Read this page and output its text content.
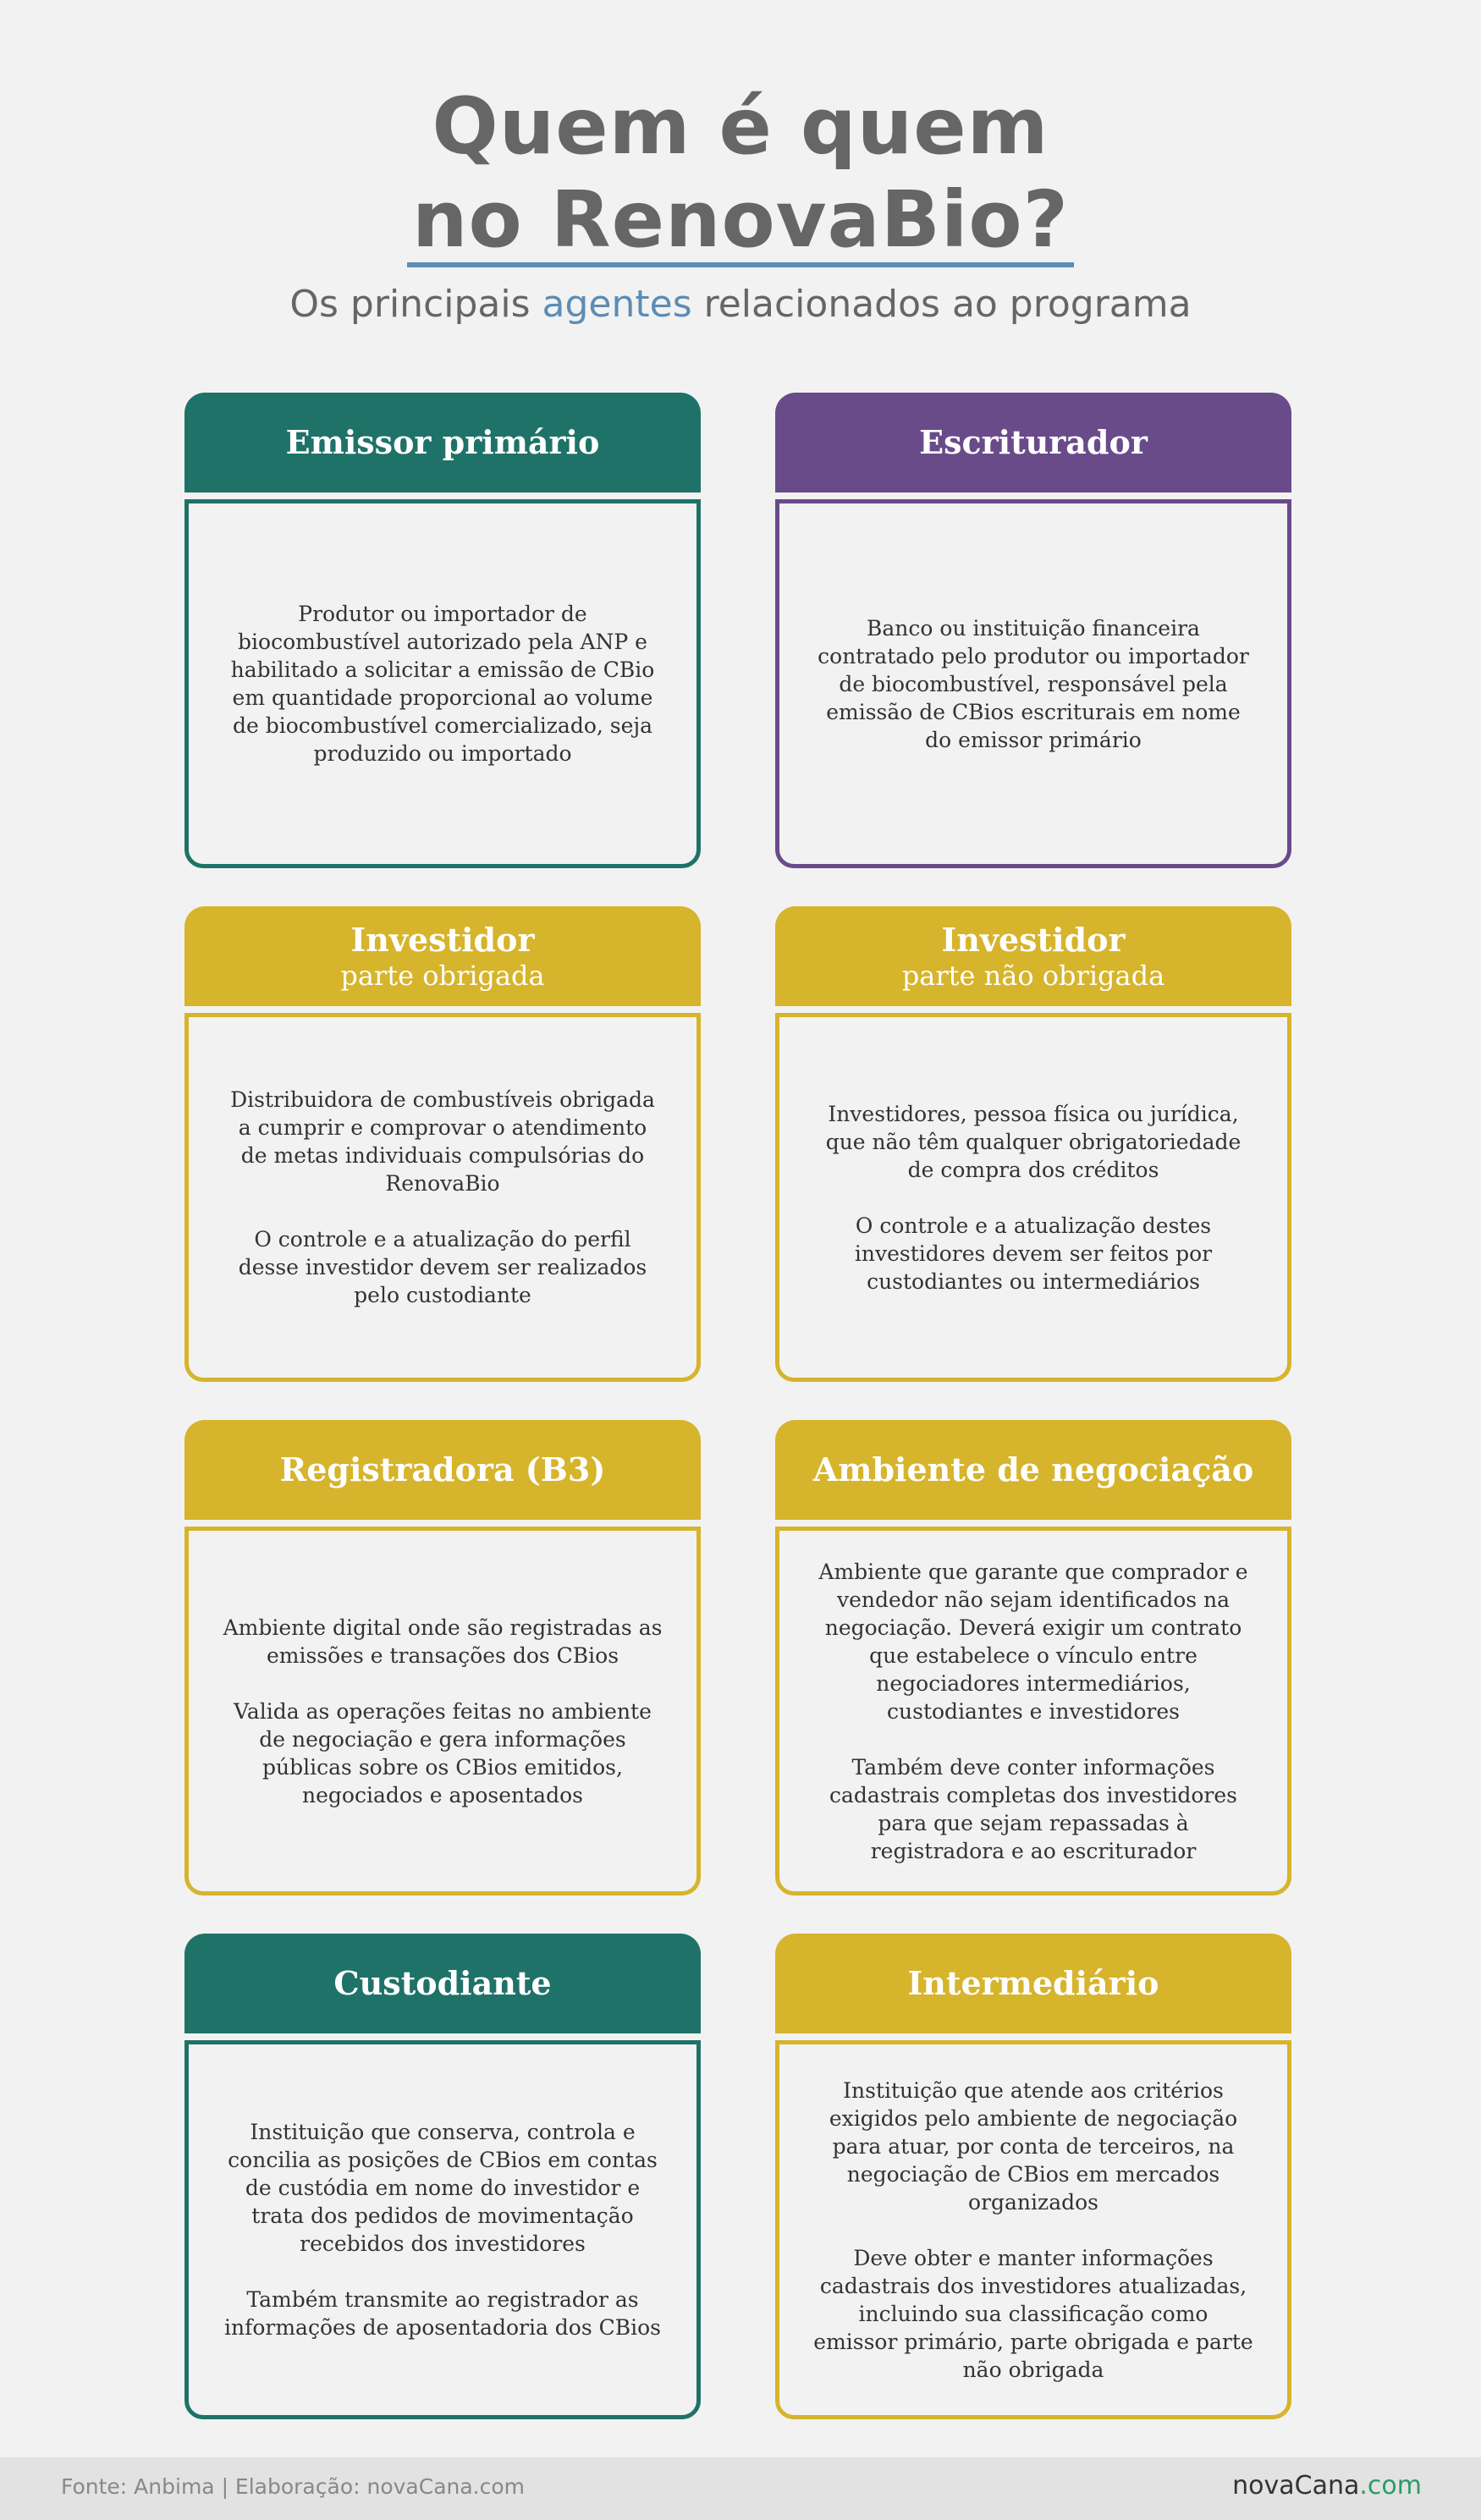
Quem é quem
no RenovaBio?
Os principais agentes relacionados ao programa
Emissor primário

Produtor ou importador de biocombustível autorizado pela ANP e habilitado a solicitar a emissão de CBio em quantidade proporcional ao volume de biocombustível comercializado, seja produzido ou importado

Escriturador

Banco ou instituição financeira contratado pelo produtor ou importador de biocombustível, responsável pela emissão de CBios escriturais em nome do emissor primário

Investidor
parte obrigada

Distribuidora de combustíveis obrigada a cumprir e comprovar o atendimento de metas individuais compulsórias do RenovaBio

O controle e a atualização do perfil desse investidor devem ser realizados pelo custodiante

Investidor
parte não obrigada

Investidores, pessoa física ou jurídica, que não têm qualquer obrigatoriedade de compra dos créditos

O controle e a atualização destes investidores devem ser feitos por custodiantes ou intermediários

Registradora (B3)

Ambiente digital onde são registradas as emissões e transações dos CBios

Valida as operações feitas no ambiente de negociação e gera informações públicas sobre os CBios emitidos, negociados e aposentados

Ambiente de negociação

Ambiente que garante que comprador e vendedor não sejam identificados na negociação. Deverá exigir um contrato que estabelece o vínculo entre negociadores intermediários, custodiantes e investidores

Também deve conter informações cadastrais completas dos investidores para que sejam repassadas à registradora e ao escriturador

Custodiante

Instituição que conserva, controla e concilia as posições de CBios em contas de custódia em nome do investidor e trata dos pedidos de movimentação recebidos dos investidores

Também transmite ao registrador as informações de aposentadoria dos CBios

Intermediário

Instituição que atende aos critérios exigidos pelo ambiente de negociação para atuar, por conta de terceiros, na negociação de CBios em mercados organizados

Deve obter e manter informações cadastrais dos investidores atualizadas, incluindo sua classificação como emissor primário, parte obrigada e parte não obrigada

Fonte: Anbima | Elaboração: novaCana.com	novaCana.com
